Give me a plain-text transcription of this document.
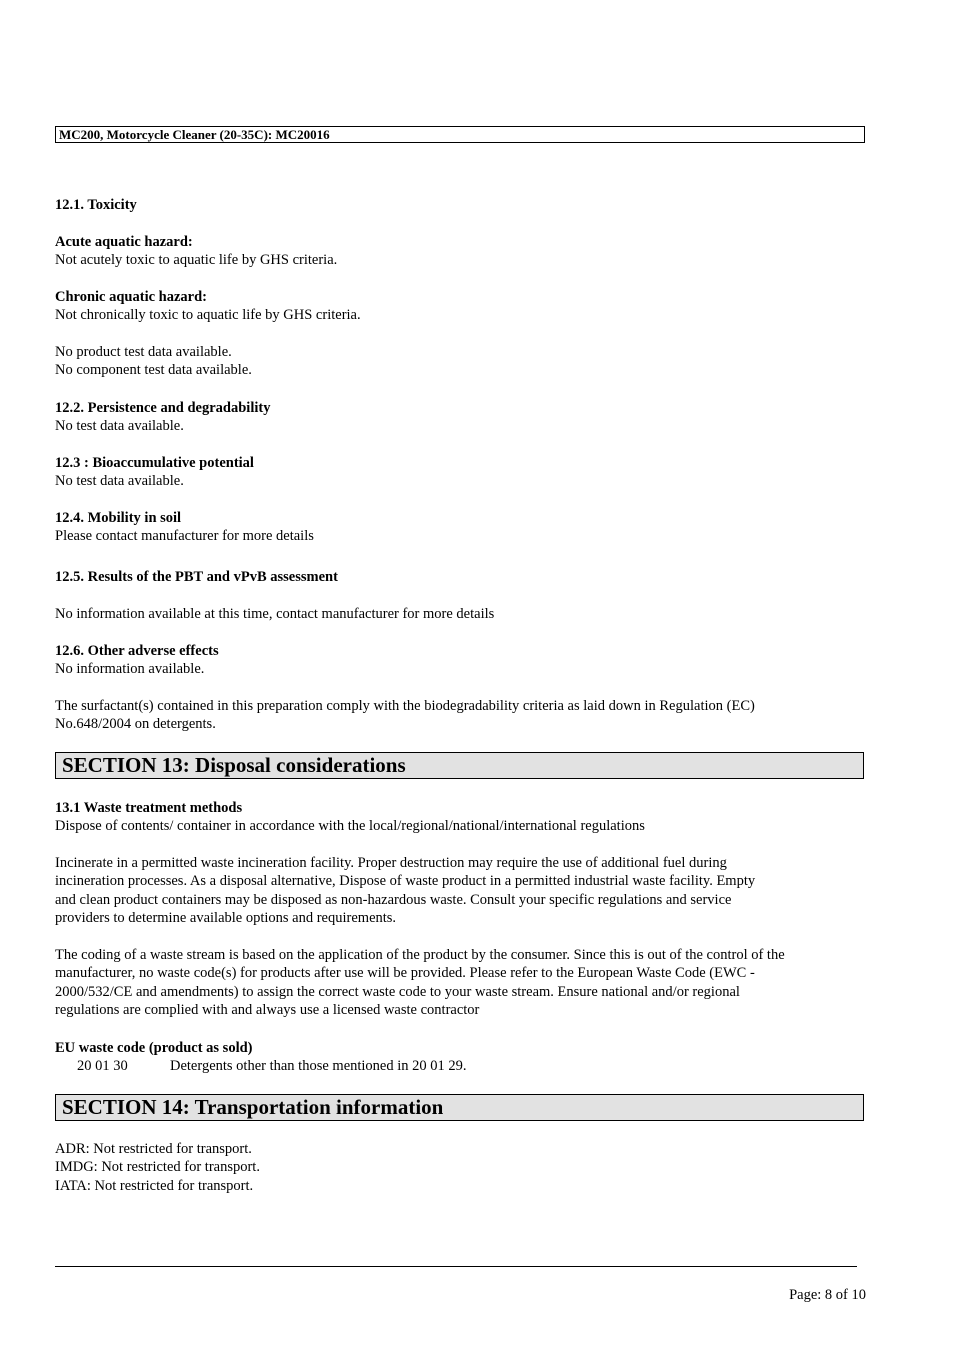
MC200, Motorcycle Cleaner (20-35C): MC20016

12.1. Toxicity

Acute aquatic hazard:
Not acutely toxic to aquatic life by GHS criteria.
Chronic aquatic hazard:
Not chronically toxic to aquatic life by GHS criteria.
No product test data available.
No component test data available.
12.2. Persistence and degradability
No test data available.
12.3 : Bioaccumulative potential
No test data available.
12.4. Mobility in soil
Please contact manufacturer for more details

12.5. Results of the PBT and vPvB assessment

No information available at this time, contact manufacturer for more details

12.6. Other adverse effects
No information available.
The surfactant(s) contained in this preparation comply with the biodegradability criteria as laid down in Regulation (EC)
No.648/2004 on detergents.
SECTION 13: Disposal considerations
13.1 Waste treatment methods
Dispose of contents/ container in accordance with the local/regional/national/international regulations
Incinerate in a permitted waste incineration facility. Proper destruction may require the use of additional fuel during
incineration processes. As a disposal alternative, Dispose of waste product in a permitted industrial waste facility. Empty
and clean product containers may be disposed as non-hazardous waste. Consult your specific regulations and service
providers to determine available options and requirements.
The coding of a waste stream is based on the application of the product by the consumer. Since this is out of the control of the
manufacturer, no waste code(s) for products after use will be provided. Please refer to the European Waste Code (EWC -
2000/532/CE and amendments) to assign the correct waste code to your waste stream. Ensure national and/or regional
regulations are complied with and always use a licensed waste contractor

EU waste code (product as sold)

20 01 30	Detergents other than those mentioned in 20 01 29.
SECTION 14: Transportation information
ADR: Not restricted for transport.
IMDG: Not restricted for transport.
IATA: Not restricted for transport.
Page: 8 of 10
